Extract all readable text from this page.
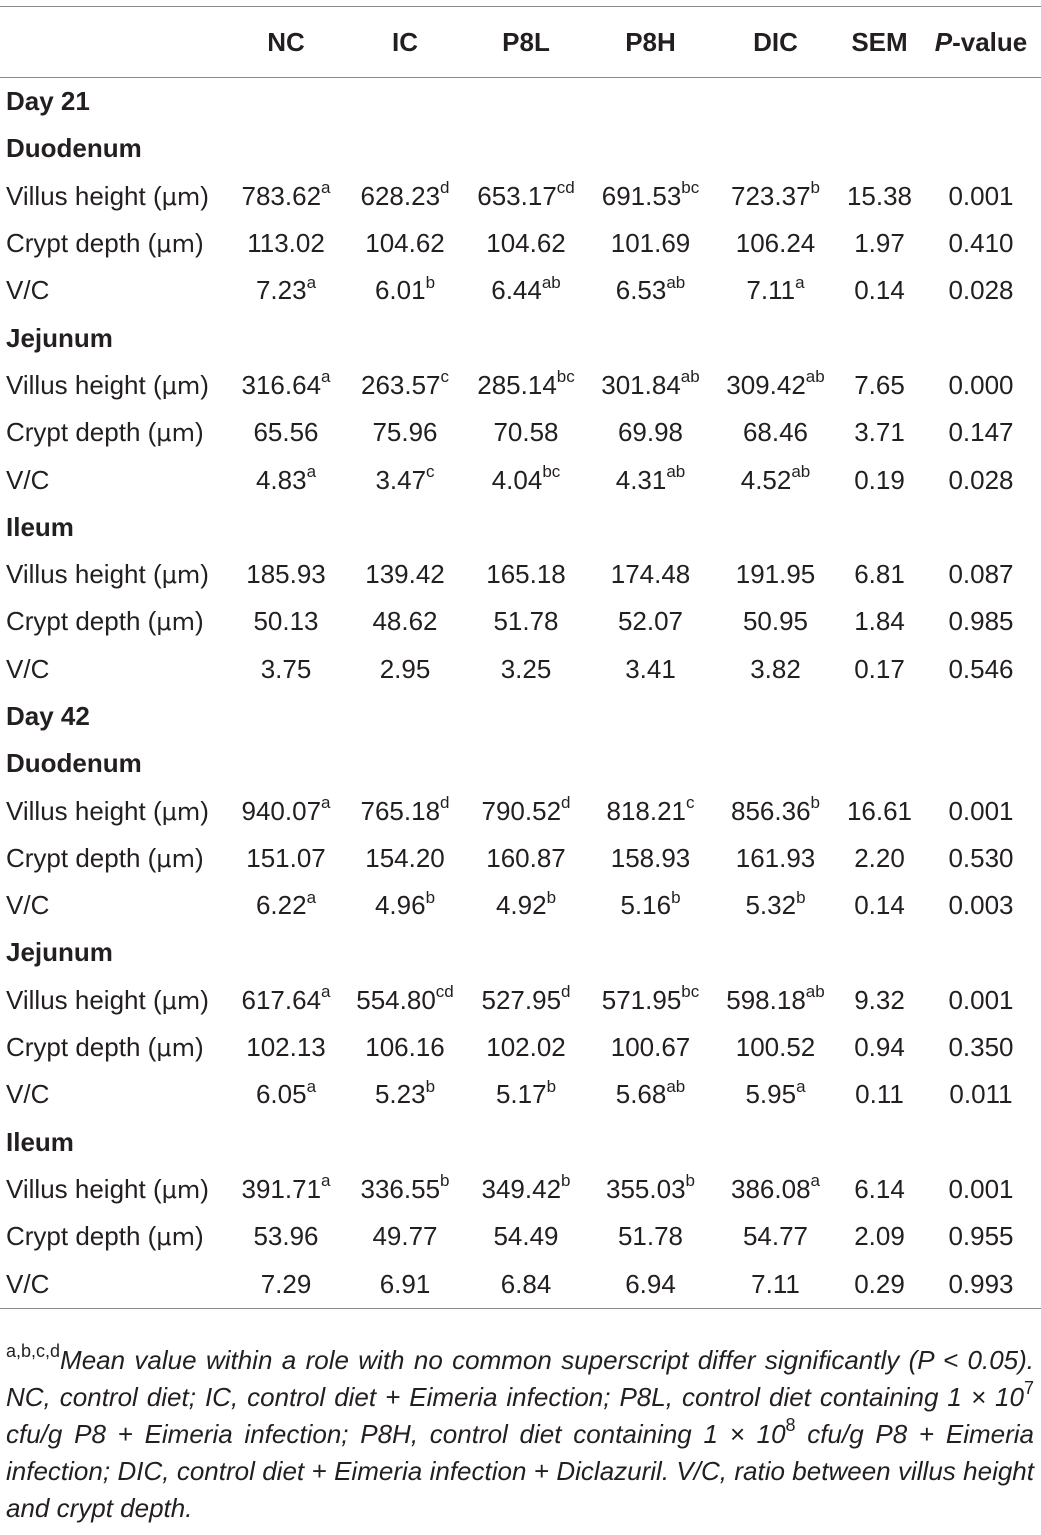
	NC	IC	P8L	P8H	DIC	SEM	P-value
Day 21							
Duodenum							
Villus height (μm)	783.62$^a$	628.23$^d$	653.17$^{cd}$	691.53$^{bc}$	723.37$^b$	15.38	0.001
Crypt depth (μm)	113.02	104.62	104.62	101.69	106.24	1.97	0.410
V/C	7.23$^a$	6.01$^b$	6.44$^{ab}$	6.53$^{ab}$	7.11$^a$	0.14	0.028
Jejunum							
Villus height (μm)	316.64$^a$	263.57$^c$	285.14$^{bc}$	301.84$^{ab}$	309.42$^{ab}$	7.65	0.000
Crypt depth (μm)	65.56	75.96	70.58	69.98	68.46	3.71	0.147
V/C	4.83$^a$	3.47$^c$	4.04$^{bc}$	4.31$^{ab}$	4.52$^{ab}$	0.19	0.028
Ileum							
Villus height (μm)	185.93	139.42	165.18	174.48	191.95	6.81	0.087
Crypt depth (μm)	50.13	48.62	51.78	52.07	50.95	1.84	0.985
V/C	3.75	2.95	3.25	3.41	3.82	0.17	0.546
Day 42							
Duodenum							
Villus height (μm)	940.07$^a$	765.18$^d$	790.52$^d$	818.21$^c$	856.36$^b$	16.61	0.001
Crypt depth (μm)	151.07	154.20	160.87	158.93	161.93	2.20	0.530
V/C	6.22$^a$	4.96$^b$	4.92$^b$	5.16$^b$	5.32$^b$	0.14	0.003
Jejunum							
Villus height (μm)	617.64$^a$	554.80$^{cd}$	527.95$^d$	571.95$^{bc}$	598.18$^{ab}$	9.32	0.001
Crypt depth (μm)	102.13	106.16	102.02	100.67	100.52	0.94	0.350
V/C	6.05$^a$	5.23$^b$	5.17$^b$	5.68$^{ab}$	5.95$^a$	0.11	0.011
Ileum							
Villus height (μm)	391.71$^a$	336.55$^b$	349.42$^b$	355.03$^b$	386.08$^a$	6.14	0.001
Crypt depth (μm)	53.96	49.77	54.49	51.78	54.77	2.09	0.955
V/C	7.29	6.91	6.84	6.94	7.11	0.29	0.993
$^{a,b,c,d}$Mean value within a role with no common superscript differ significantly (P < 0.05). NC, control diet; IC, control diet + Eimeria infection; P8L, control diet containing $1 \times 10^7$ cfu/g P8 + Eimeria infection; P8H, control diet containing $1 \times 10^8$ cfu/g P8 + Eimeria infection; DIC, control diet + Eimeria infection + Diclazuril. V/C, ratio between villus height and crypt depth.
